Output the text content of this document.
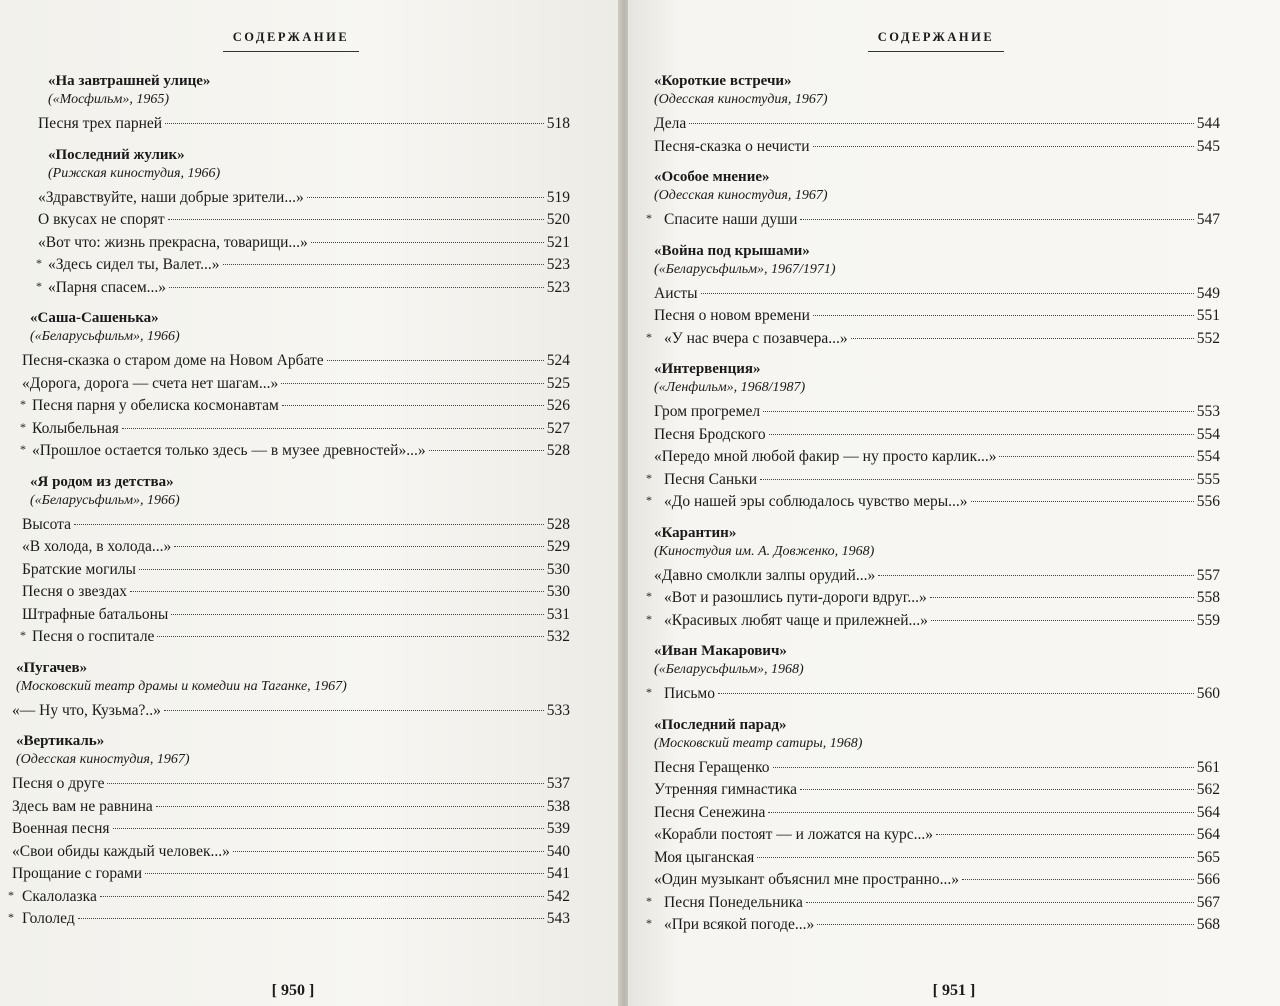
СОДЕРЖАНИЕ
«На завтрашней улице»
(«Мосфильм», 1965)
Песня трех парней	518
«Последний жулик»
(Рижская киностудия, 1966)
«Здравствуйте, наши добрые зрители...»	519
О вкусах не спорят	520
«Вот что: жизнь прекрасна, товарищи...»	521
* «Здесь сидел ты, Валет...»	523
* «Парня спасем...»	523
«Саша-Сашенька»
(«Беларусьфильм», 1966)
Песня-сказка о старом доме на Новом Арбате	524
«Дорога, дорога — счета нет шагам...»	525
* Песня парня у обелиска космонавтам	526
* Колыбельная	527
* «Прошлое остается только здесь — в музее древностей»...»	528
«Я родом из детства»
(«Беларусьфильм», 1966)
Высота	528
«В холода, в холода...»	529
Братские могилы	530
Песня о звездах	530
Штрафные батальоны	531
* Песня о госпитале	532
«Пугачев»
(Московский театр драмы и комедии на Таганке, 1967)
«— Ну что, Кузьма?..»	533
«Вертикаль»
(Одесская киностудия, 1967)
Песня о друге	537
Здесь вам не равнина	538
Военная песня	539
«Свои обиды каждый человек...»	540
Прощание с горами	541
* Скалолазка	542
* Гололед	543
[ 950 ]
СОДЕРЖАНИЕ
«Короткие встречи»
(Одесская киностудия, 1967)
Дела	544
Песня-сказка о нечисти	545
«Особое мнение»
(Одесская киностудия, 1967)
* Спасите наши души	547
«Война под крышами»
(«Беларусьфильм», 1967/1971)
Аисты	549
Песня о новом времени	551
* «У нас вчера с позавчера...»	552
«Интервенция»
(«Ленфильм», 1968/1987)
Гром прогремел	553
Песня Бродского	554
«Передо мной любой факир — ну просто карлик...»	554
* Песня Саньки	555
* «До нашей эры соблюдалось чувство меры...»	556
«Карантин»
(Киностудия им. А. Довженко, 1968)
«Давно смолкли залпы орудий...»	557
* «Вот и разошлись пути-дороги вдруг...»	558
* «Красивых любят чаще и прилежней...»	559
«Иван Макарович»
(«Беларусьфильм», 1968)
* Письмо	560
«Последний парад»
(Московский театр сатиры, 1968)
Песня Геращенко	561
Утренняя гимнастика	562
Песня Сенежина	564
«Корабли постоят — и ложатся на курс...»	564
Моя цыганская	565
«Один музыкант объяснил мне пространно...»	566
* Песня Понедельника	567
* «При всякой погоде...»	568
[ 951 ]
